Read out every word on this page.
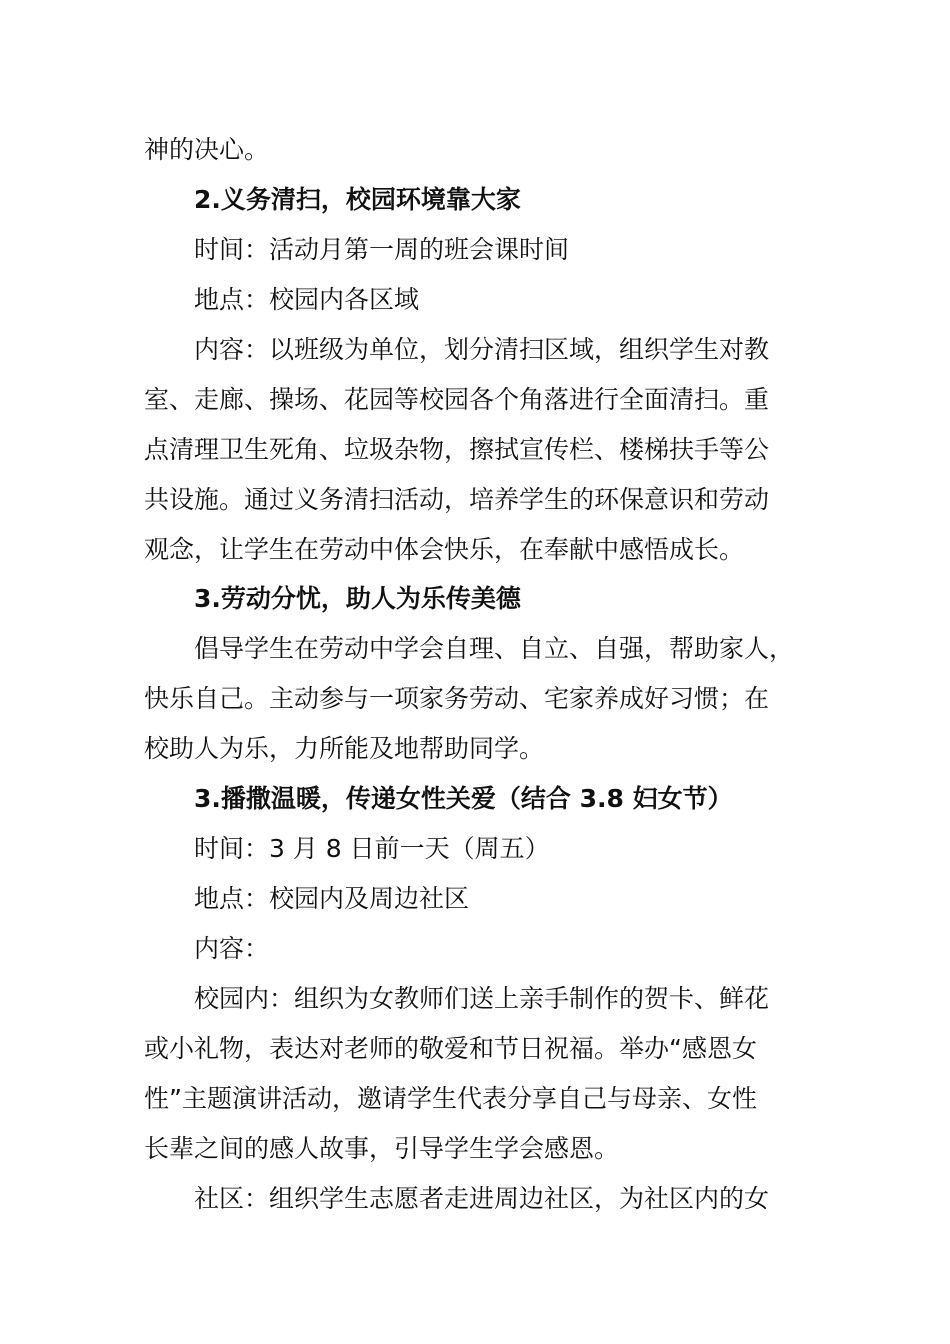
神的决心。
2.义务清扫，校园环境靠大家
时间：活动月第一周的班会课时间
地点：校园内各区域
内容：以班级为单位，划分清扫区域，组织学生对教
室、走廊、操场、花园等校园各个角落进行全面清扫。重
点清理卫生死角、垃圾杂物，擦拭宣传栏、楼梯扶手等公
共设施。通过义务清扫活动，培养学生的环保意识和劳动
观念，让学生在劳动中体会快乐，在奉献中感悟成长。
3.劳动分忧，助人为乐传美德
倡导学生在劳动中学会自理、自立、自强，帮助家人，
快乐自己。主动参与一项家务劳动、宅家养成好习惯；在
校助人为乐，力所能及地帮助同学。
3.播撒温暖，传递女性关爱（结合 3.8 妇女节）
时间：3 月 8 日前一天（周五）
地点：校园内及周边社区
内容：
校园内：组织为女教师们送上亲手制作的贺卡、鲜花
或小礼物，表达对老师的敬爱和节日祝福。举办“感恩女
性”主题演讲活动，邀请学生代表分享自己与母亲、女性
长辈之间的感人故事，引导学生学会感恩。
社区：组织学生志愿者走进周边社区，为社区内的女
